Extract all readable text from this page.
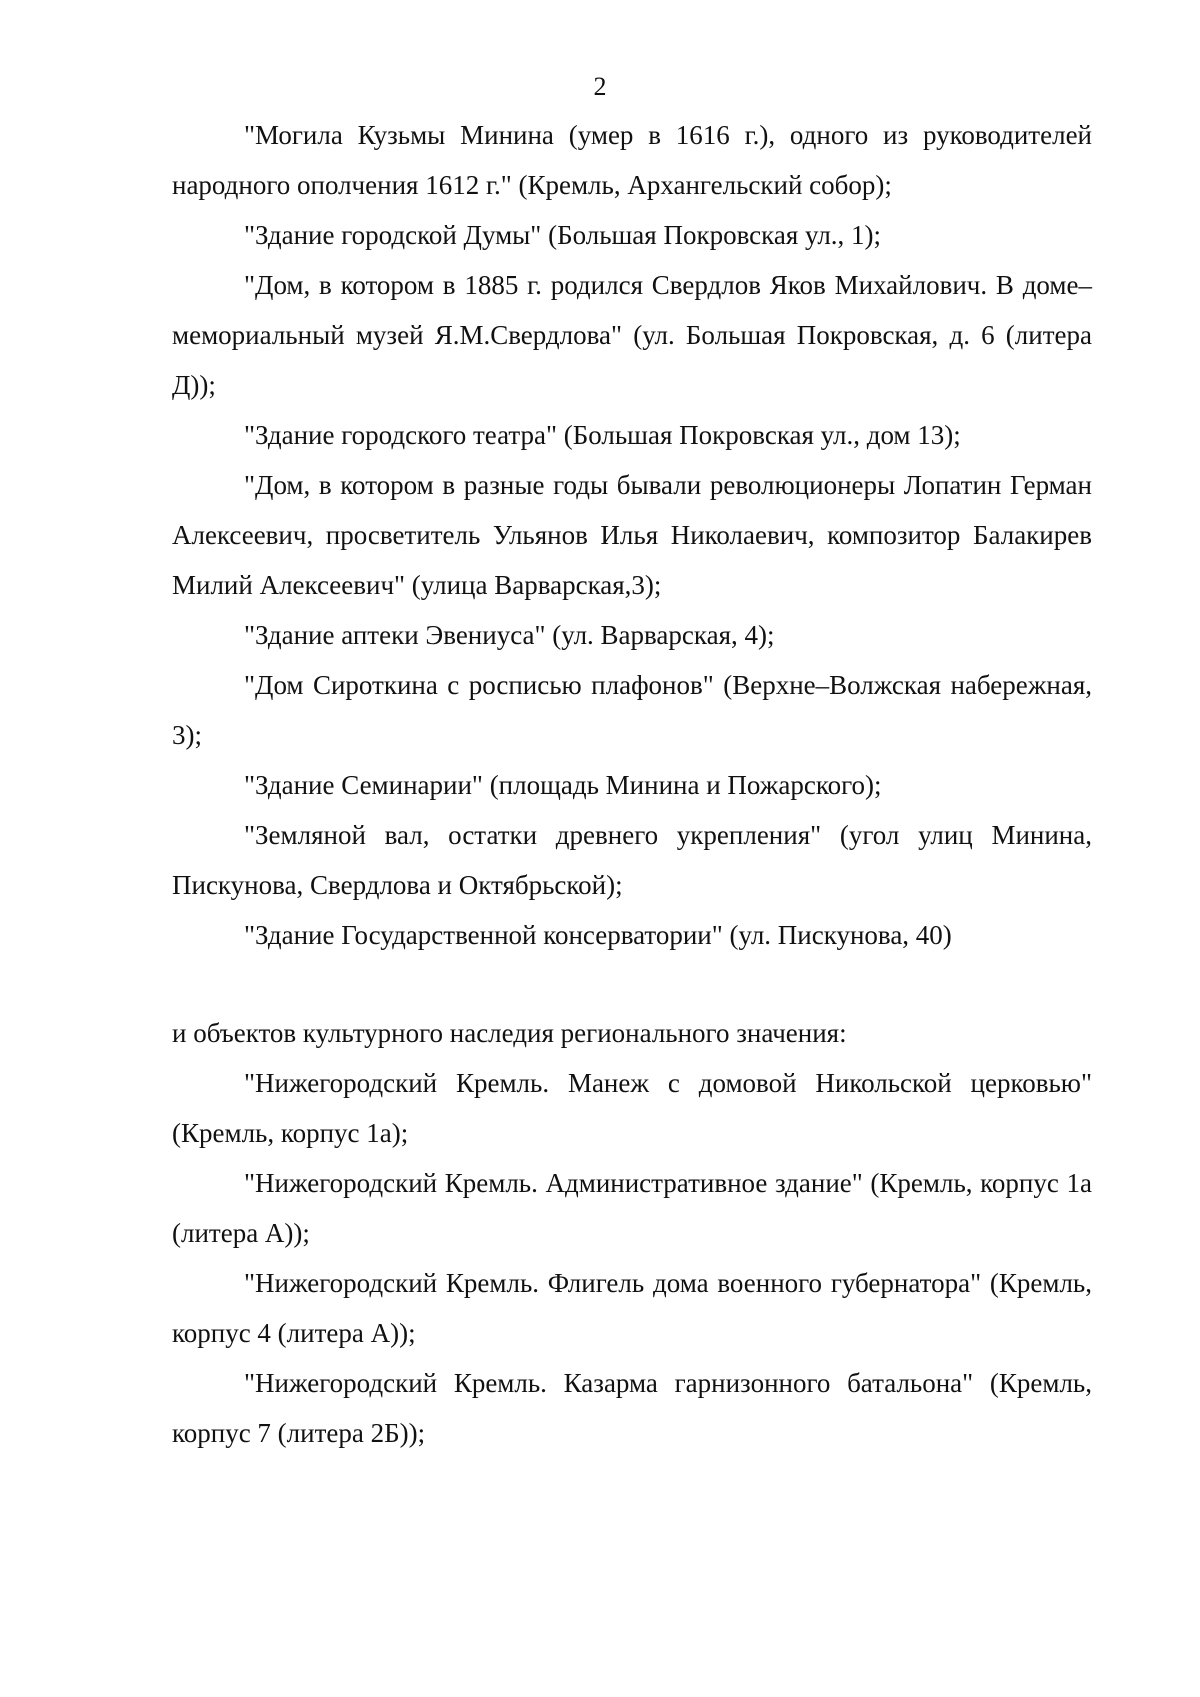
2

"Могила Кузьмы Минина (умер в 1616 г.), одного из руководителей народного ополчения 1612 г." (Кремль, Архангельский собор);

"Здание городской Думы" (Большая Покровская ул., 1);

"Дом, в котором в 1885 г. родился Свердлов Яков Михайлович. В доме–мемориальный музей Я.М.Свердлова" (ул. Большая Покровская, д. 6 (литера Д));

"Здание городского театра" (Большая Покровская ул., дом 13);

"Дом, в котором в разные годы бывали революционеры Лопатин Герман Алексеевич, просветитель Ульянов Илья Николаевич, композитор Балакирев Милий Алексеевич" (улица Варварская,3);

"Здание аптеки Эвениуса" (ул. Варварская, 4);

"Дом Сироткина с росписью плафонов" (Верхне–Волжская набережная, 3);

"Здание Семинарии" (площадь Минина и Пожарского);

"Земляной вал, остатки древнего укрепления" (угол улиц Минина, Пискунова, Свердлова и Октябрьской);

"Здание Государственной консерватории" (ул. Пискунова, 40)

и объектов культурного наследия регионального значения:

"Нижегородский Кремль. Манеж с домовой Никольской церковью" (Кремль, корпус 1а);

"Нижегородский Кремль. Административное здание" (Кремль, корпус 1а (литера А));

"Нижегородский Кремль. Флигель дома военного губернатора" (Кремль, корпус 4 (литера А));

"Нижегородский Кремль. Казарма гарнизонного батальона" (Кремль, корпус 7 (литера 2Б));
